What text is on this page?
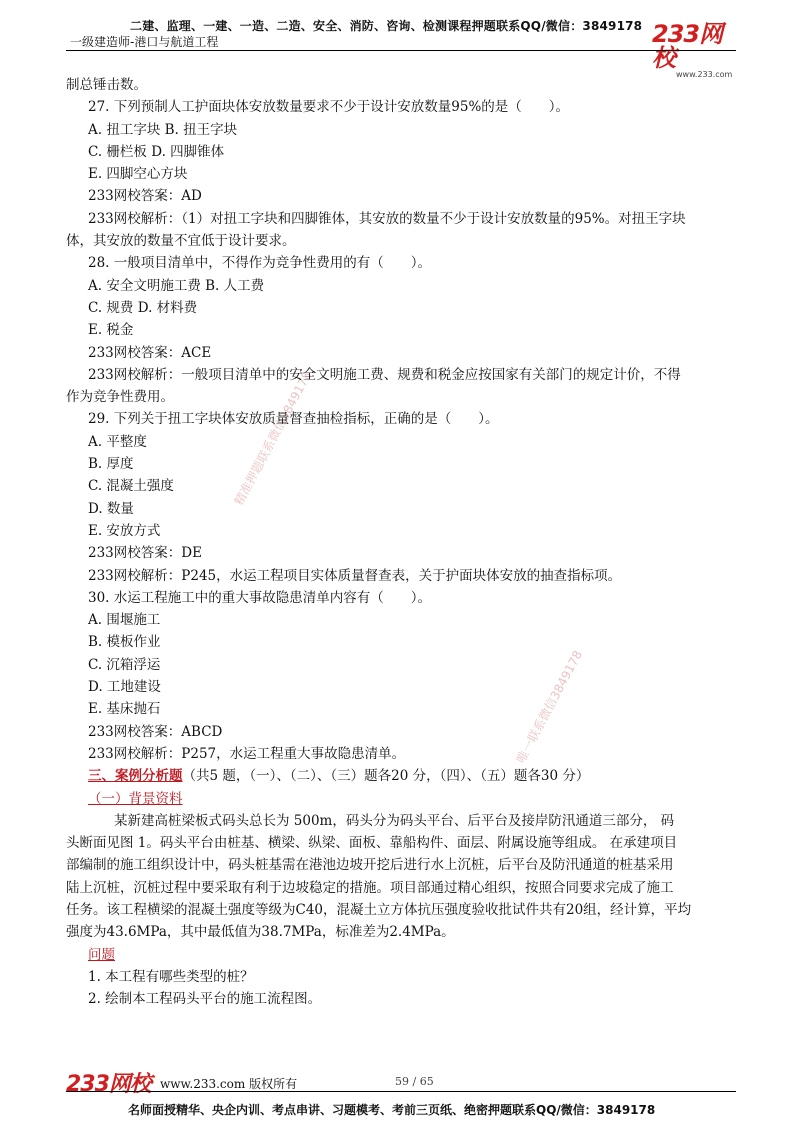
二建、监理、一建、一造、二造、安全、消防、咨询、检测课程押题联系QQ/微信：3849178
一级建造师-港口与航道工程	233网校
www.233.com
精准押题联系微信3849178
唯一联系微信3849178
制总锤击数。
27. 下列预制人工护面块体安放数量要求不少于设计安放数量95%的是（　　）。
A. 扭工字块 B. 扭王字块
C. 栅栏板 D. 四脚锥体
E. 四脚空心方块
233网校答案：AD
233网校解析：（1）对扭工字块和四脚锥体，其安放的数量不少于设计安放数量的95%。对扭王字块
体，其安放的数量不宜低于设计要求。
28. 一般项目清单中，不得作为竞争性费用的有（　　）。
A. 安全文明施工费 B. 人工费
C. 规费 D. 材料费
E. 税金
233网校答案：ACE
233网校解析：一般项目清单中的安全文明施工费、规费和税金应按国家有关部门的规定计价，不得
作为竞争性费用。
29. 下列关于扭工字块体安放质量督查抽检指标，正确的是（　　）。
A. 平整度
B. 厚度
C. 混凝土强度
D. 数量
E. 安放方式
233网校答案：DE
233网校解析：P245，水运工程项目实体质量督查表，关于护面块体安放的抽查指标项。
30. 水运工程施工中的重大事故隐患清单内容有（　　）。
A. 围堰施工
B. 模板作业
C. 沉箱浮运
D. 工地建设
E. 基床抛石
233网校答案：ABCD
233网校解析：P257，水运工程重大事故隐患清单。
三、案例分析题（共5 题，（一）、（二）、（三）题各20 分，（四）、（五）题各30 分）
（一）背景资料
某新建高桩梁板式码头总长为 500m，码头分为码头平台、后平台及接岸防汛通道三部分， 码
头断面见图 1。码头平台由桩基、横梁、纵梁、面板、靠船构件、面层、附属设施等组成。 在承建项目
部编制的施工组织设计中，码头桩基需在港池边坡开挖后进行水上沉桩，后平台及防汛通道的桩基采用
陆上沉桩，沉桩过程中要采取有利于边坡稳定的措施。项目部通过精心组织，按照合同要求完成了施工
任务。该工程横梁的混凝土强度等级为C40，混凝土立方体抗压强度验收批试件共有20组，经计算，平均
强度为43.6MPa，其中最低值为38.7MPa，标准差为2.4MPa。
问题
1. 本工程有哪些类型的桩？
2. 绘制本工程码头平台的施工流程图。
233网校 www.233.com 版权所有	59 / 65
名师面授精华、央企内训、考点串讲、习题模考、考前三页纸、绝密押题联系QQ/微信：3849178
